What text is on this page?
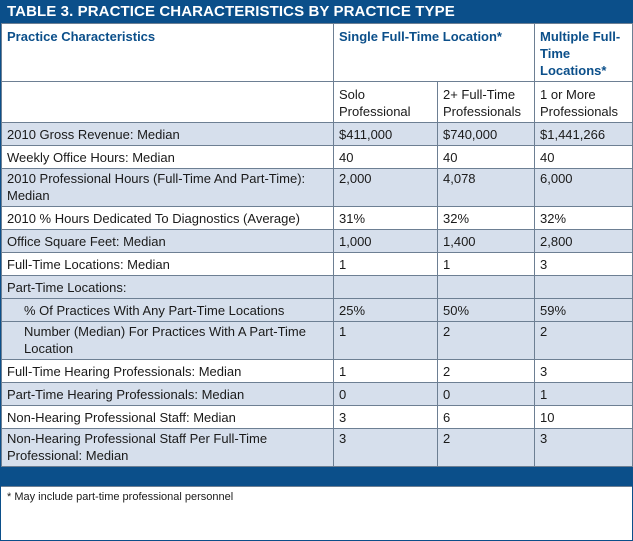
TABLE 3. PRACTICE CHARACTERISTICS BY PRACTICE TYPE
Practice Characteristics	Single Full-Time Location*		Multiple Full-Time Locations*
	Solo Professional	2+ Full-Time Professionals	1 or More Professionals
2010 Gross Revenue: Median	$411,000	$740,000	$1,441,266
Weekly Office Hours: Median	40	40	40
2010 Professional Hours (Full-Time And Part-Time): Median	2,000	4,078	6,000
2010 % Hours Dedicated To Diagnostics (Average)	31%	32%	32%
Office Square Feet: Median	1,000	1,400	2,800
Full-Time Locations: Median	1	1	3
Part-Time Locations:			
% Of Practices With Any Part-Time Locations	25%	50%	59%
Number (Median) For Practices With A Part-Time Location	1	2	2
Full-Time Hearing Professionals: Median	1	2	3
Part-Time Hearing Professionals: Median	0	0	1
Non-Hearing Professional Staff: Median	3	6	10
Non-Hearing Professional Staff Per Full-Time Professional: Median	3	2	3
* May include part-time professional personnel
